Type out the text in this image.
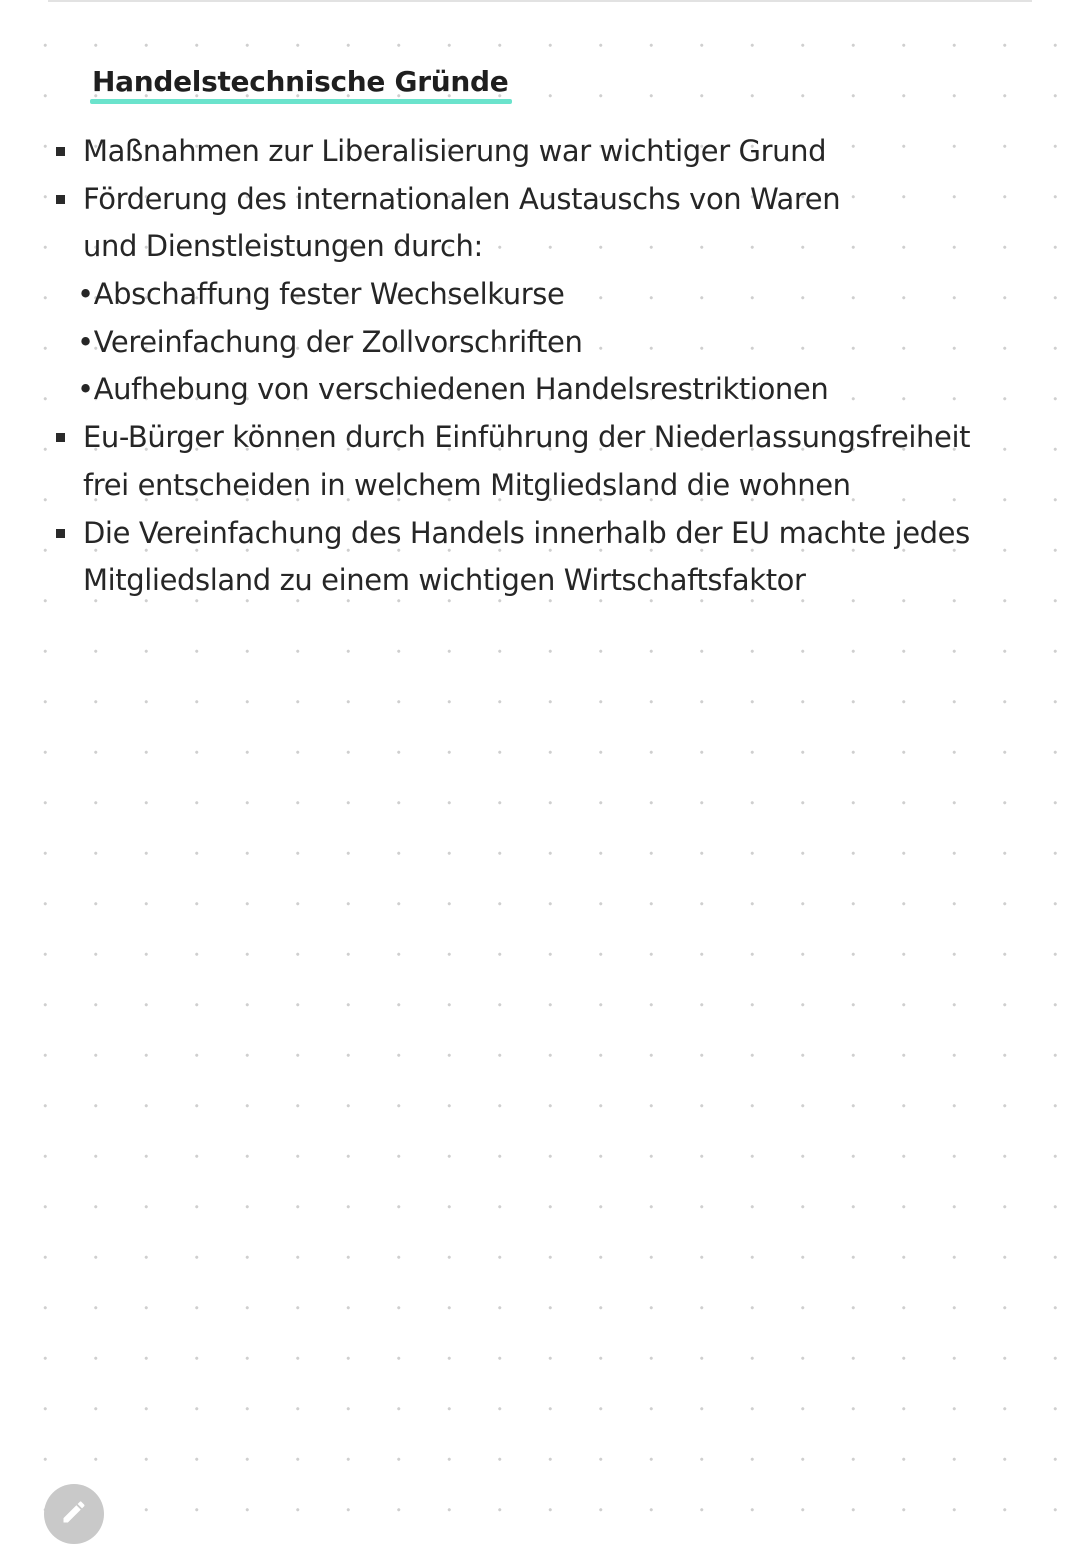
Handelstechnische Gründe
Maßnahmen zur Liberalisierung war wichtiger Grund
Förderung des internationalen Austauschs von Waren
und Dienstleistungen durch:
•Abschaffung fester Wechselkurse
•Vereinfachung der Zollvorschriften
•Aufhebung von verschiedenen Handelsrestriktionen
Eu-Bürger können durch Einführung der Niederlassungsfreiheit
frei entscheiden in welchem Mitgliedsland die wohnen
Die Vereinfachung des Handels innerhalb der EU machte jedes
Mitgliedsland zu einem wichtigen Wirtschaftsfaktor
